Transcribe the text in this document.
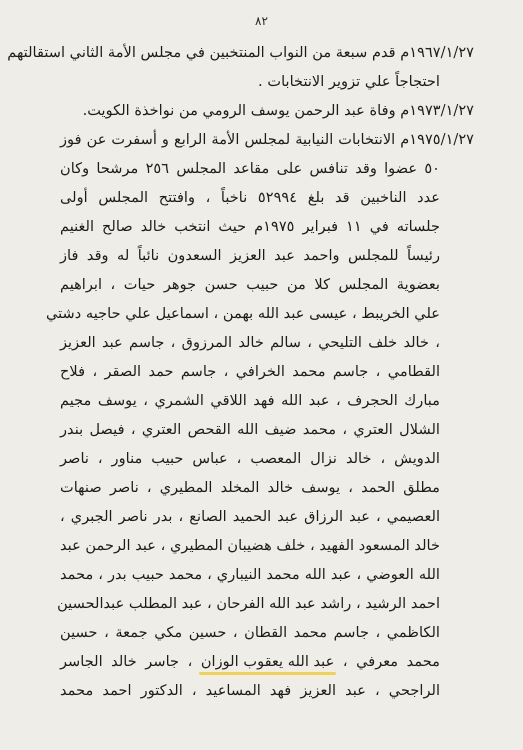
٨٢
١٩٦٧/١/٢٧م قدم سبعة من النواب المنتخبين في مجلس الأمة الثاني استقالتهم
احتجاجاً علي تزوير الانتخابات .
١٩٧٣/١/٢٧م وفاة عبد الرحمن يوسف الرومي من نواخذة الكويت.
١٩٧٥/١/٢٧م الانتخابات النيابية لمجلس الأمة الرابع و أسفرت عن فوز
٥٠ عضوا وقد تنافس على مقاعد المجلس ٢٥٦ مرشحا وكان
عدد الناخبين قد بلغ ٥٢٩٩٤ ناخباً ، وافتتح المجلس أولى
جلساته في ١١ فبراير ١٩٧٥م حيث انتخب خالد صالح الغنيم
رئيساً للمجلس واحمد عبد العزيز السعدون نائباً له وقد فاز
بعضوية المجلس كلا من حبيب حسن جوهر حيات ، ابراهيم
علي الخريبط ، عيسى عبد الله بهمن ، اسماعيل علي حاجيه دشتي
، خالد خلف التليحي ، سالم خالد المرزوق ، جاسم عبد العزيز
القطامي ، جاسم محمد الخرافي ، جاسم حمد الصقر ، فلاح
مبارك الحجرف ، عبد الله فهد اللاقي الشمري ، يوسف مجيم
الشلال العتري ، محمد ضيف الله القحص العتري ، فيصل بندر
الدويش ، خالد نزال المعصب ، عباس حبيب مناور ، ناصر
مطلق الحمد ، يوسف خالد المخلد المطيري ، ناصر صنهات
العصيمي ، عبد الرزاق عبد الحميد الصانع ، بدر ناصر الجبري ،
خالد المسعود الفهيد ، خلف هضيبان المطيري ، عبد الرحمن عبد
الله العوضي ، عبد الله محمد النيباري ، محمد حبيب بدر ، محمد
احمد الرشيد ، راشد عبد الله الفرحان ، عبد المطلب عبدالحسين
الكاظمي ، جاسم محمد القطان ، حسين مكي جمعة ، حسين
محمد معرفي ، عبد الله يعقوب الوزان ، جاسر خالد الجاسر
الراجحي ، عبد العزيز فهد المساعيد ، الدكتور احمد محمد
